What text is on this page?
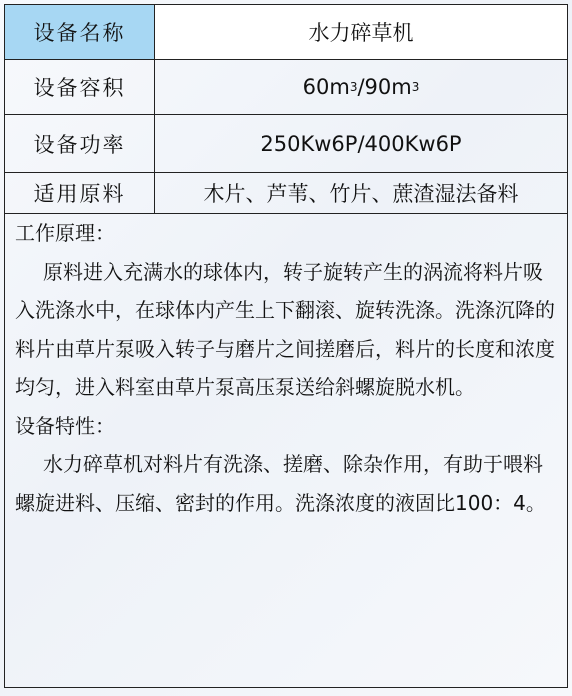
设备名称	水力碎草机
设备容积	60m 3 /90m 3
设备功率	250Kw6P/400Kw6P
适用原料	木片、芦苇、竹片、蔗渣湿法备料

工作原理：

原料进入充满水的球体内，转子旋转产生的涡流将料片吸入洗涤水中，在球体内产生上下翻滚、旋转洗涤。洗涤沉降的料片由草片泵吸入转子与磨片之间搓磨后，料片的长度和浓度均匀，进入料室由草片泵高压泵送给斜螺旋脱水机。

设备特性：

水力碎草机对料片有洗涤、搓磨、除杂作用，有助于喂料螺旋进料、压缩、密封的作用。洗涤浓度的液固比100：4。
